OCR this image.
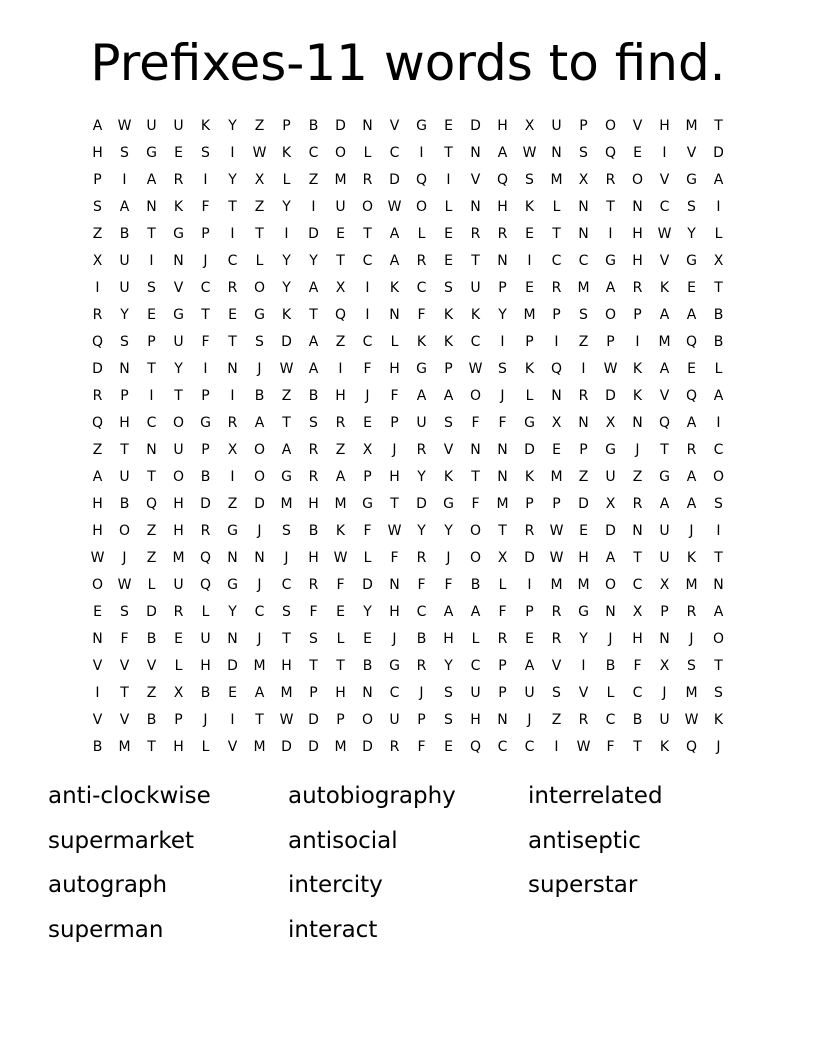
Prefixes-11 words to find.
A	W	U	U	K	Y	Z	P	B	D	N	V	G	E	D	H	X	U	P	O	V	H	M	T
H	S	G	E	S	I	W	K	C	O	L	C	I	T	N	A	W	N	S	Q	E	I	V	D
P	I	A	R	I	Y	X	L	Z	M	R	D	Q	I	V	Q	S	M	X	R	O	V	G	A
S	A	N	K	F	T	Z	Y	I	U	O	W	O	L	N	H	K	L	N	T	N	C	S	I
Z	B	T	G	P	I	T	I	D	E	T	A	L	E	R	R	E	T	N	I	H	W	Y	L
X	U	I	N	J	C	L	Y	Y	T	C	A	R	E	T	N	I	C	C	G	H	V	G	X
I	U	S	V	C	R	O	Y	A	X	I	K	C	S	U	P	E	R	M	A	R	K	E	T
R	Y	E	G	T	E	G	K	T	Q	I	N	F	K	K	Y	M	P	S	O	P	A	A	B
Q	S	P	U	F	T	S	D	A	Z	C	L	K	K	C	I	P	I	Z	P	I	M	Q	B
D	N	T	Y	I	N	J	W	A	I	F	H	G	P	W	S	K	Q	I	W	K	A	E	L
R	P	I	T	P	I	B	Z	B	H	J	F	A	A	O	J	L	N	R	D	K	V	Q	A
Q	H	C	O	G	R	A	T	S	R	E	P	U	S	F	F	G	X	N	X	N	Q	A	I
Z	T	N	U	P	X	O	A	R	Z	X	J	R	V	N	N	D	E	P	G	J	T	R	C
A	U	T	O	B	I	O	G	R	A	P	H	Y	K	T	N	K	M	Z	U	Z	G	A	O
H	B	Q	H	D	Z	D	M	H	M	G	T	D	G	F	M	P	P	D	X	R	A	A	S
H	O	Z	H	R	G	J	S	B	K	F	W	Y	Y	O	T	R	W	E	D	N	U	J	I
W	J	Z	M	Q	N	N	J	H	W	L	F	R	J	O	X	D	W	H	A	T	U	K	T
O	W	L	U	Q	G	J	C	R	F	D	N	F	F	B	L	I	M	M	O	C	X	M	N
E	S	D	R	L	Y	C	S	F	E	Y	H	C	A	A	F	P	R	G	N	X	P	R	A
N	F	B	E	U	N	J	T	S	L	E	J	B	H	L	R	E	R	Y	J	H	N	J	O
V	V	V	L	H	D	M	H	T	T	B	G	R	Y	C	P	A	V	I	B	F	X	S	T
I	T	Z	X	B	E	A	M	P	H	N	C	J	S	U	P	U	S	V	L	C	J	M	S
V	V	B	P	J	I	T	W	D	P	O	U	P	S	H	N	J	Z	R	C	B	U	W	K
B	M	T	H	L	V	M	D	D	M	D	R	F	E	Q	C	C	I	W	F	T	K	Q	J
anti-clockwise	autobiography	interrelated
supermarket	antisocial	antiseptic
autograph	intercity	superstar
superman	interact
